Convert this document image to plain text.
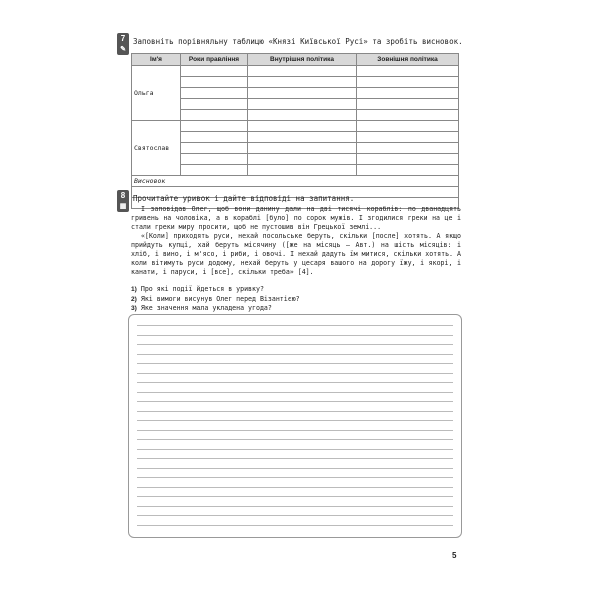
7
✎
Заповніть порівняльну таблицю «Князі Київської Русі» та зробіть висновок.
Ім'я	Роки правління	Внутрішня політика	Зовнішня політика
Ольга			

Святослав			

Висновок			

8
▦
Прочитайте уривок і дайте відповіді на запитання.

І заповідав Олег, щоб вони данину дали на дві тисячі кораблів: по дванадцять гривень на чоловіка, а в кораблі [було] по сорок мужів. І згодилися греки на це і стали греки миру просити, щоб не пустошив він Грецької землі...

«[Коли] приходять руси, нехай посольське беруть, скільки [после] хотять. А якщо прийдуть купці, хай беруть місячину ([же на місяць — Авт.) на шість місяців: і хліб, і вино, і м'ясо, і риби, і овочі. І нехай дадуть їм митися, скільки хотять. А коли вітимуть руси додому, нехай беруть у цесаря вашого на дорогу їжу, і якорі, і канати, і паруси, і [все], скільки треба» [4].

1) Про які події йдеться в уривку?
2) Які вимоги висунув Олег перед Візантією?
3) Яке значення мала укладена угода?
5
